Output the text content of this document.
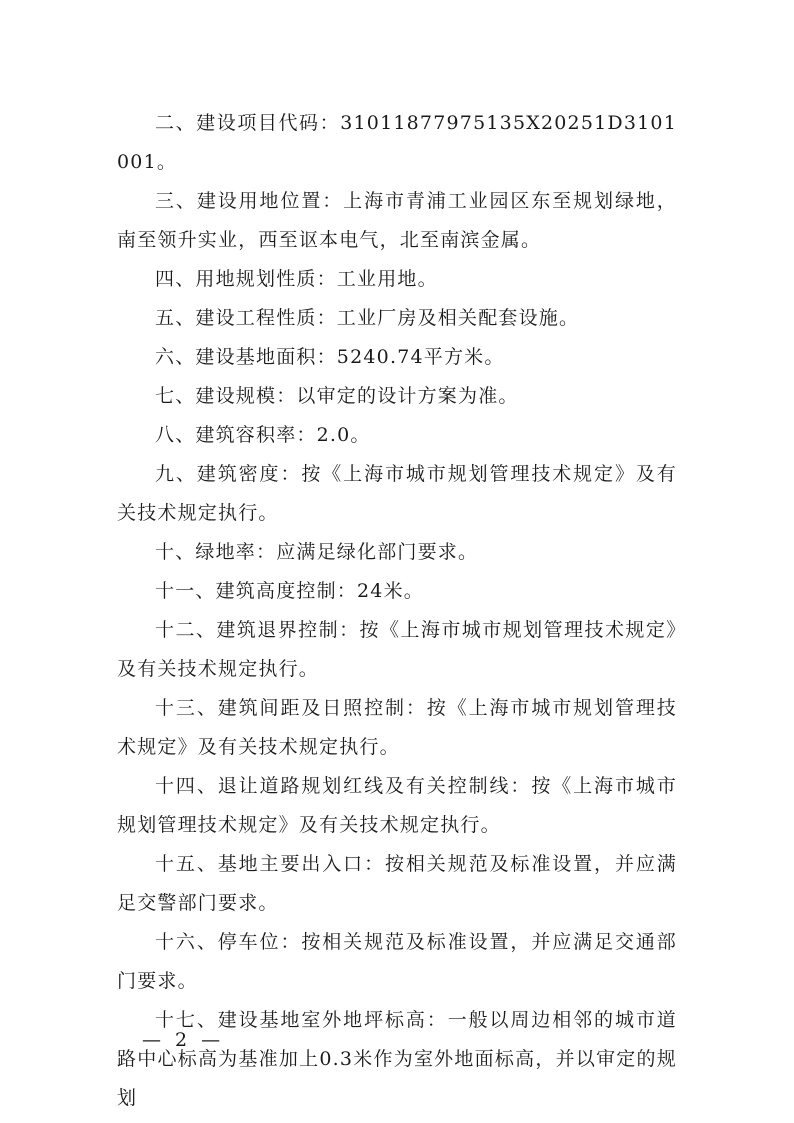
二、建设项目代码：31011877975135X20251D3101001。

三、建设用地位置：上海市青浦工业园区东至规划绿地，南至领升实业，西至讴本电气，北至南滨金属。

四、用地规划性质：工业用地。

五、建设工程性质：工业厂房及相关配套设施。

六、建设基地面积：5240.74平方米。

七、建设规模：以审定的设计方案为准。

八、建筑容积率：2.0。

九、建筑密度：按《上海市城市规划管理技术规定》及有关技术规定执行。

十、绿地率：应满足绿化部门要求。

十一、建筑高度控制：24米。

十二、建筑退界控制：按《上海市城市规划管理技术规定》及有关技术规定执行。

十三、建筑间距及日照控制：按《上海市城市规划管理技术规定》及有关技术规定执行。

十四、退让道路规划红线及有关控制线：按《上海市城市规划管理技术规定》及有关技术规定执行。

十五、基地主要出入口：按相关规范及标准设置，并应满足交警部门要求。

十六、停车位：按相关规范及标准设置，并应满足交通部门要求。

十七、建设基地室外地坪标高：一般以周边相邻的城市道路中心标高为基准加上0.3米作为室外地面标高，并以审定的规划

— 2 —
